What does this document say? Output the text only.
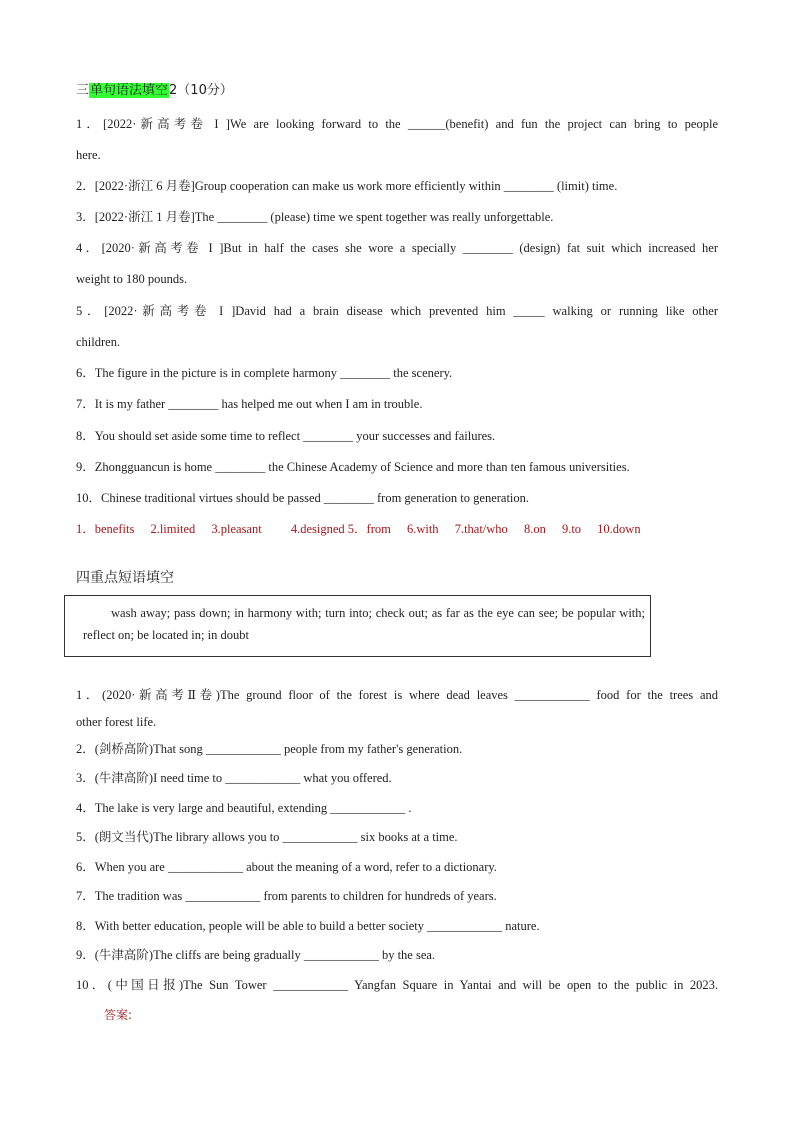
三单句语法填空2（10分）
1．[2022·新高考卷 I ]We are looking forward to the ______(benefit) and fun the project can bring to people
here.
2．[2022·浙江 6 月卷]Group cooperation can make us work more efficiently within ________ (limit) time.
3．[2022·浙江 1 月卷]The ________ (please) time we spent together was really unforgettable.
4．[2020·新高考卷 I ]But in half the cases she wore a specially ________ (design) fat suit which increased her
weight to 180 pounds.
5．[2022·新高考卷 I ]David had a brain disease which prevented him _____ walking or running like other
children.
6．The figure in the picture is in complete harmony ________ the scenery.
7．It is my father ________ has helped me out when I am in trouble.
8．You should set aside some time to reflect ________ your successes and failures.
9．Zhongguancun is home ________ the Chinese Academy of Science and more than ten famous universities.
10．Chinese traditional virtues should be passed ________ from generation to generation.
1．benefits 2.limited 3.pleasant 4.designed 5．from 6.with 7.that/who 8.on 9.to 10.down
四重点短语填空
wash away; pass down; in harmony with; turn into; check out; as far as the eye can see; be popular with; reflect on; be located in; in doubt
1．(2020·新高考Ⅱ卷)The ground floor of the forest is where dead leaves ____________ food for the trees and
other forest life.
2．(剑桥高阶)That song ____________ people from my father's generation.
3．(牛津高阶)I need time to ____________ what you offered.
4．The lake is very large and beautiful, extending ____________ .
5．(朗文当代)The library allows you to ____________ six books at a time.
6．When you are ____________ about the meaning of a word, refer to a dictionary.
7．The tradition was ____________ from parents to children for hundreds of years.
8．With better education, people will be able to build a better society ____________ nature.
9．(牛津高阶)The cliffs are being gradually ____________ by the sea.
10．(中国日报)The Sun Tower ____________ Yangfan Square in Yantai and will be open to the public in 2023.
答案:
